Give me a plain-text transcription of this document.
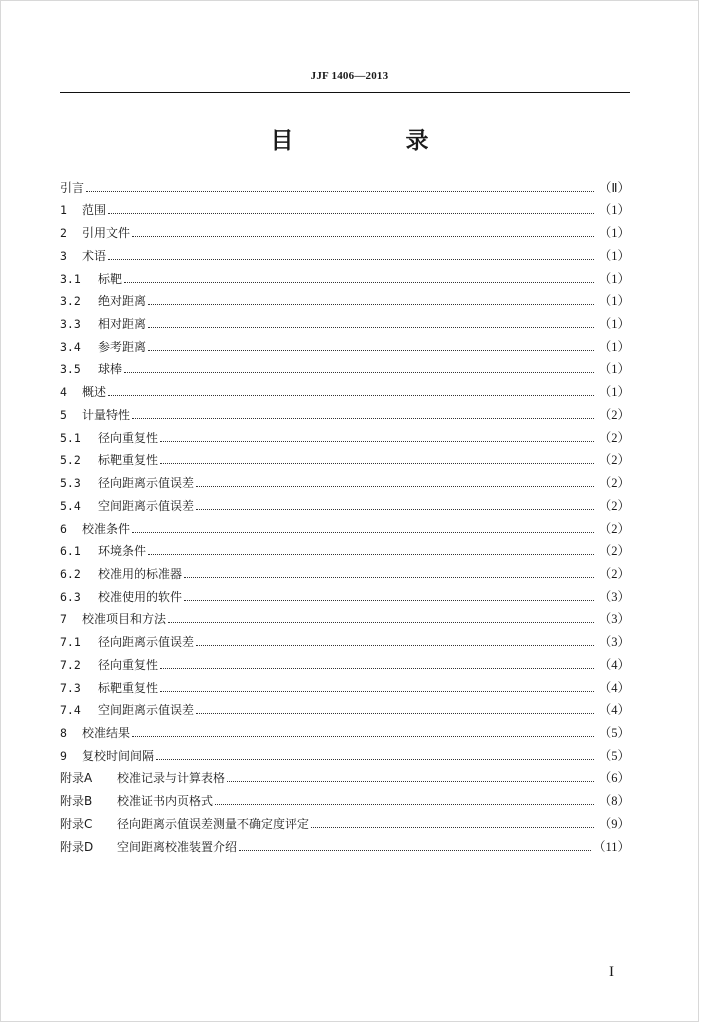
JJF 1406—2013
目 录
引言	（Ⅱ）
1 范围	（1）
2 引用文件	（1）
3 术语	（1）
3.1 标靶	（1）
3.2 绝对距离	（1）
3.3 相对距离	（1）
3.4 参考距离	（1）
3.5 球棒	（1）
4 概述	（1）
5 计量特性	（2）
5.1 径向重复性	（2）
5.2 标靶重复性	（2）
5.3 径向距离示值误差	（2）
5.4 空间距离示值误差	（2）
6 校准条件	（2）
6.1 环境条件	（2）
6.2 校准用的标准器	（2）
6.3 校准使用的软件	（3）
7 校准项目和方法	（3）
7.1 径向距离示值误差	（3）
7.2 径向重复性	（4）
7.3 标靶重复性	（4）
7.4 空间距离示值误差	（4）
8 校准结果	（5）
9 复校时间间隔	（5）
附录A 校准记录与计算表格	（6）
附录B 校准证书内页格式	（8）
附录C 径向距离示值误差测量不确定度评定	（9）
附录D 空间距离校准装置介绍	（11）
I
